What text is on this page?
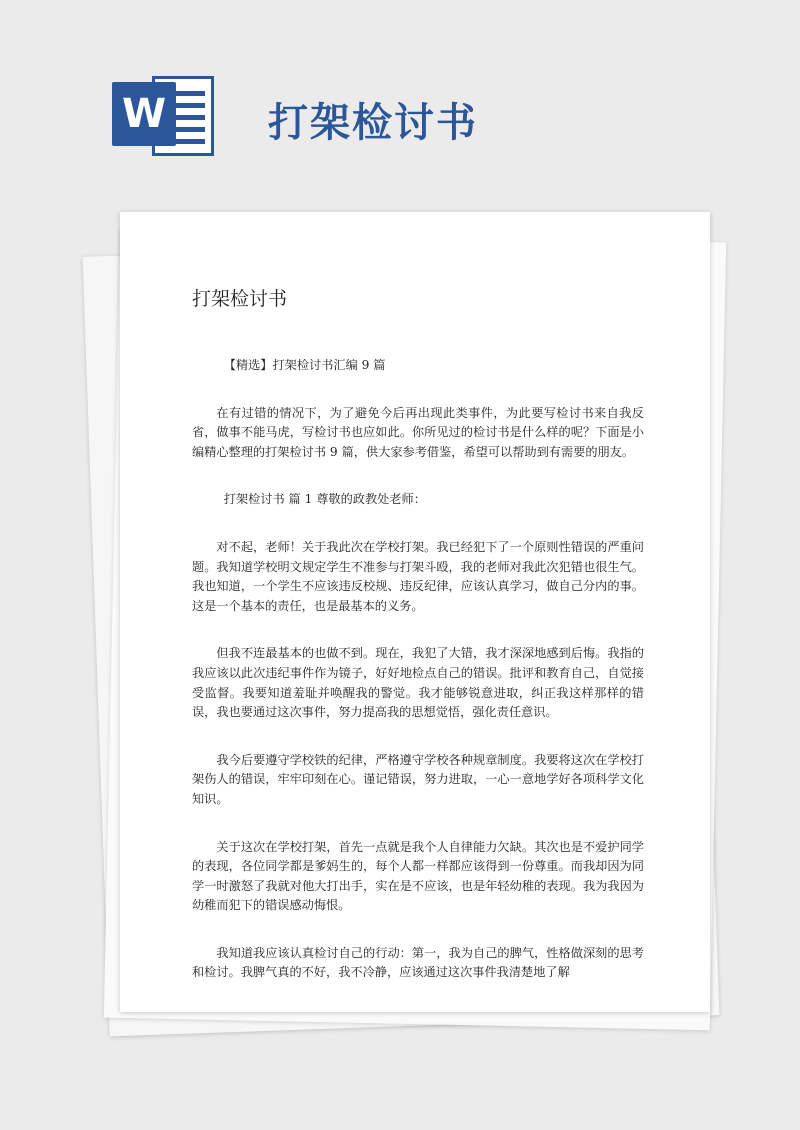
W	打架检讨书
打架检讨书

【精选】打架检讨书汇编 9 篇

在有过错的情况下，为了避免今后再出现此类事件，为此要写检讨书来自我反省，做事不能马虎，写检讨书也应如此。你所见过的检讨书是什么样的呢？下面是小编精心整理的打架检讨书 9 篇，供大家参考借鉴，希望可以帮助到有需要的朋友。

打架检讨书 篇 1 尊敬的政教处老师：

对不起，老师！关于我此次在学校打架。我已经犯下了一个原则性错误的严重问题。我知道学校明文规定学生不准参与打架斗殴，我的老师对我此次犯错也很生气。我也知道，一个学生不应该违反校规、违反纪律，应该认真学习，做自己分内的事。这是一个基本的责任，也是最基本的义务。

但我不连最基本的也做不到。现在，我犯了大错，我才深深地感到后悔。我指的我应该以此次违纪事件作为镜子，好好地检点自己的错误。批评和教育自己，自觉接受监督。我要知道羞耻并唤醒我的警觉。我才能够锐意进取，纠正我这样那样的错误，我也要通过这次事件，努力提高我的思想觉悟，强化责任意识。

我今后要遵守学校铁的纪律，严格遵守学校各种规章制度。我要将这次在学校打架伤人的错误，牢牢印刻在心。谨记错误，努力进取，一心一意地学好各项科学文化知识。

关于这次在学校打架，首先一点就是我个人自律能力欠缺。其次也是不爱护同学的表现，各位同学都是爹妈生的，每个人都一样都应该得到一份尊重。而我却因为同学一时激怒了我就对他大打出手，实在是不应该，也是年轻幼稚的表现。我为我因为幼稚而犯下的错误感动悔恨。

我知道我应该认真检讨自己的行动：第一，我为自己的脾气，性格做深刻的思考和检讨。我脾气真的不好，我不冷静，应该通过这次事件我清楚地了解
